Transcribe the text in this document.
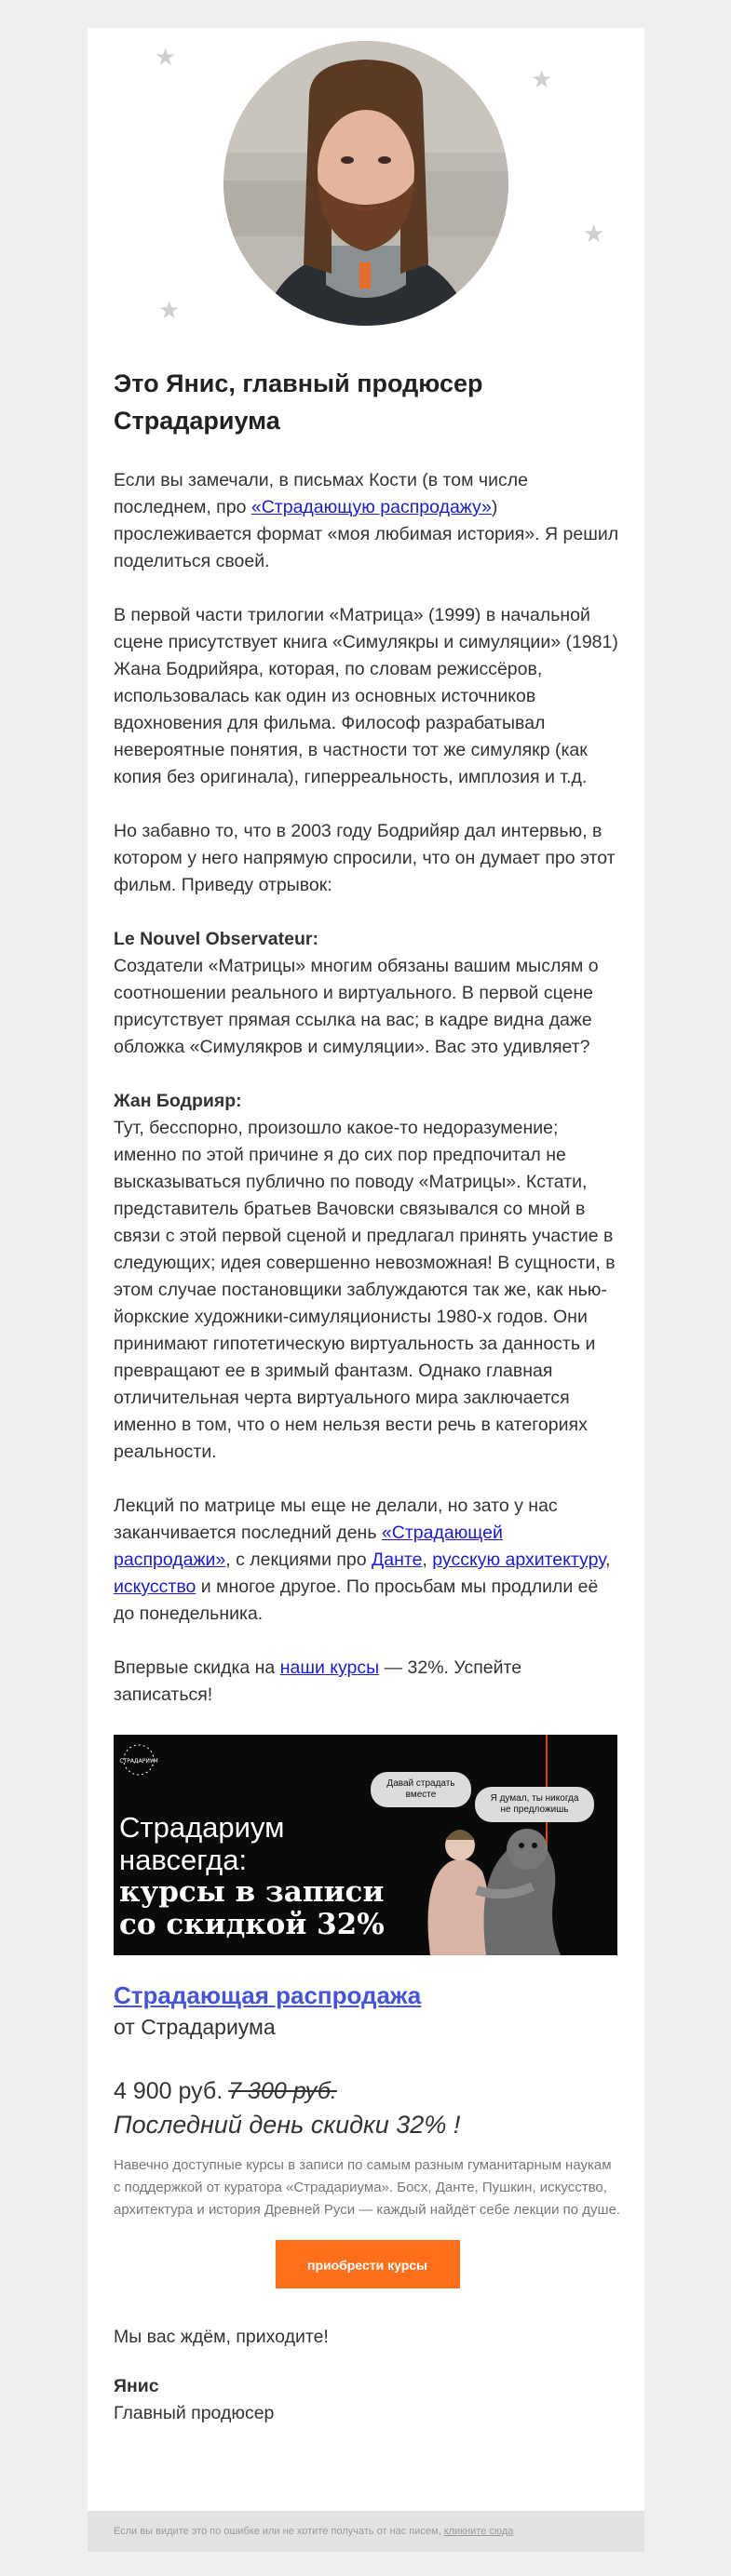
★
★
★
★
Это Янис, главный продюсер Страдариума

Если вы замечали, в письмах Кости (в том числе последнем, про «Страдающую распродажу») прослеживается формат «моя любимая история». Я решил поделиться своей.

В первой части трилогии «Матрица» (1999) в начальной сцене присутствует книга «Симулякры и симуляции» (1981) Жана Бодрийяра, которая, по словам режиссёров, использовалась как один из основных источников вдохновения для фильма. Философ разрабатывал невероятные понятия, в частности тот же симулякр (как копия без оригинала), гиперреальность, имплозия и т.д.

Но забавно то, что в 2003 году Бодрийяр дал интервью, в котором у него напрямую спросили, что он думает про этот фильм. Приведу отрывок:

Le Nouvel Observateur:
Создатели «Матрицы» многим обязаны вашим мыслям о соотношении реального и виртуального. В первой сцене присутствует прямая ссылка на вас; в кадре видна даже обложка «Симулякров и симуляции». Вас это удивляет?

Жан Бодрияр:
Тут, бесспорно, произошло какое-то недоразумение; именно по этой причине я до сих пор предпочитал не высказываться публично по поводу «Матрицы». Кстати, представитель братьев Вачовски связывался со мной в связи с этой первой сценой и предлагал принять участие в следующих; идея совершенно невозможная! В сущности, в этом случае постановщики заблуждаются так же, как нью-йоркские художники-симуляционисты 1980-х годов. Они принимают гипотетическую виртуальность за данность и превращают ее в зримый фантазм. Однако главная отличительная черта виртуального мира заключается именно в том, что о нем нельзя вести речь в категориях реальности.

Лекций по матрице мы еще не делали, но зато у нас заканчивается последний день «Страдающей распродажи», с лекциями про Данте, русскую архитектуру, искусство и многое другое. По просьбам мы продлили её до понедельника.

Впервые скидка на наши курсы — 32%. Успейте записаться!

СТРАДАРИУМ
Страдариум
навсегда:
курсы в записи
со скидкой 32%
Давай страдать вместе	Я думал, ты никогда не предложишь
Страдающая распродажа
от Страдариума
4 900 руб. 7 300 руб.
Последний день скидки 32% !

Навечно доступные курсы в записи по самым разным гуманитарным наукам с поддержкой от куратора «Страдариума». Босх, Данте, Пушкин, искусство, архитектура и история Древней Руси — каждый найдёт себе лекции по душе.

приобрести курсы
Мы вас ждём, приходите!
Янис
Главный продюсер
Если вы видите это по ошибке или не хотите получать от нас писем, кликните сюда
